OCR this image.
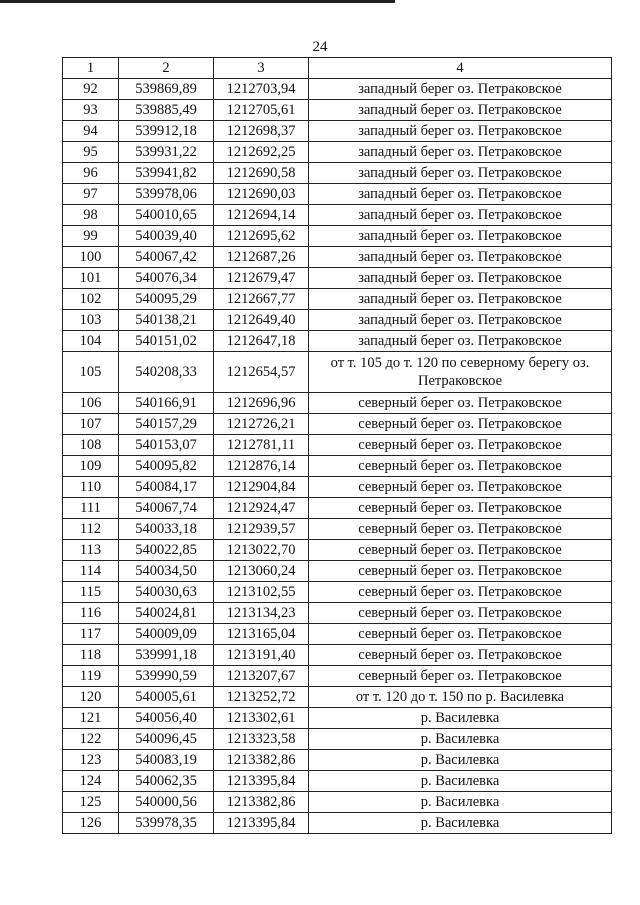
24
1	2	3	4
92	539869,89	1212703,94	западный берег оз. Петраковское
93	539885,49	1212705,61	западный берег оз. Петраковское
94	539912,18	1212698,37	западный берег оз. Петраковское
95	539931,22	1212692,25	западный берег оз. Петраковское
96	539941,82	1212690,58	западный берег оз. Петраковское
97	539978,06	1212690,03	западный берег оз. Петраковское
98	540010,65	1212694,14	западный берег оз. Петраковское
99	540039,40	1212695,62	западный берег оз. Петраковское
100	540067,42	1212687,26	западный берег оз. Петраковское
101	540076,34	1212679,47	западный берег оз. Петраковское
102	540095,29	1212667,77	западный берег оз. Петраковское
103	540138,21	1212649,40	западный берег оз. Петраковское
104	540151,02	1212647,18	западный берег оз. Петраковское
105	540208,33	1212654,57	от т. 105 до т. 120 по северному берегу оз. Петраковское
106	540166,91	1212696,96	северный берег оз. Петраковское
107	540157,29	1212726,21	северный берег оз. Петраковское
108	540153,07	1212781,11	северный берег оз. Петраковское
109	540095,82	1212876,14	северный берег оз. Петраковское
110	540084,17	1212904,84	северный берег оз. Петраковское
111	540067,74	1212924,47	северный берег оз. Петраковское
112	540033,18	1212939,57	северный берег оз. Петраковское
113	540022,85	1213022,70	северный берег оз. Петраковское
114	540034,50	1213060,24	северный берег оз. Петраковское
115	540030,63	1213102,55	северный берег оз. Петраковское
116	540024,81	1213134,23	северный берег оз. Петраковское
117	540009,09	1213165,04	северный берег оз. Петраковское
118	539991,18	1213191,40	северный берег оз. Петраковское
119	539990,59	1213207,67	северный берег оз. Петраковское
120	540005,61	1213252,72	от т. 120 до т. 150 по р. Василевка
121	540056,40	1213302,61	р. Василевка
122	540096,45	1213323,58	р. Василевка
123	540083,19	1213382,86	р. Василевка
124	540062,35	1213395,84	р. Василевка
125	540000,56	1213382,86	р. Василевка
126	539978,35	1213395,84	р. Василевка
